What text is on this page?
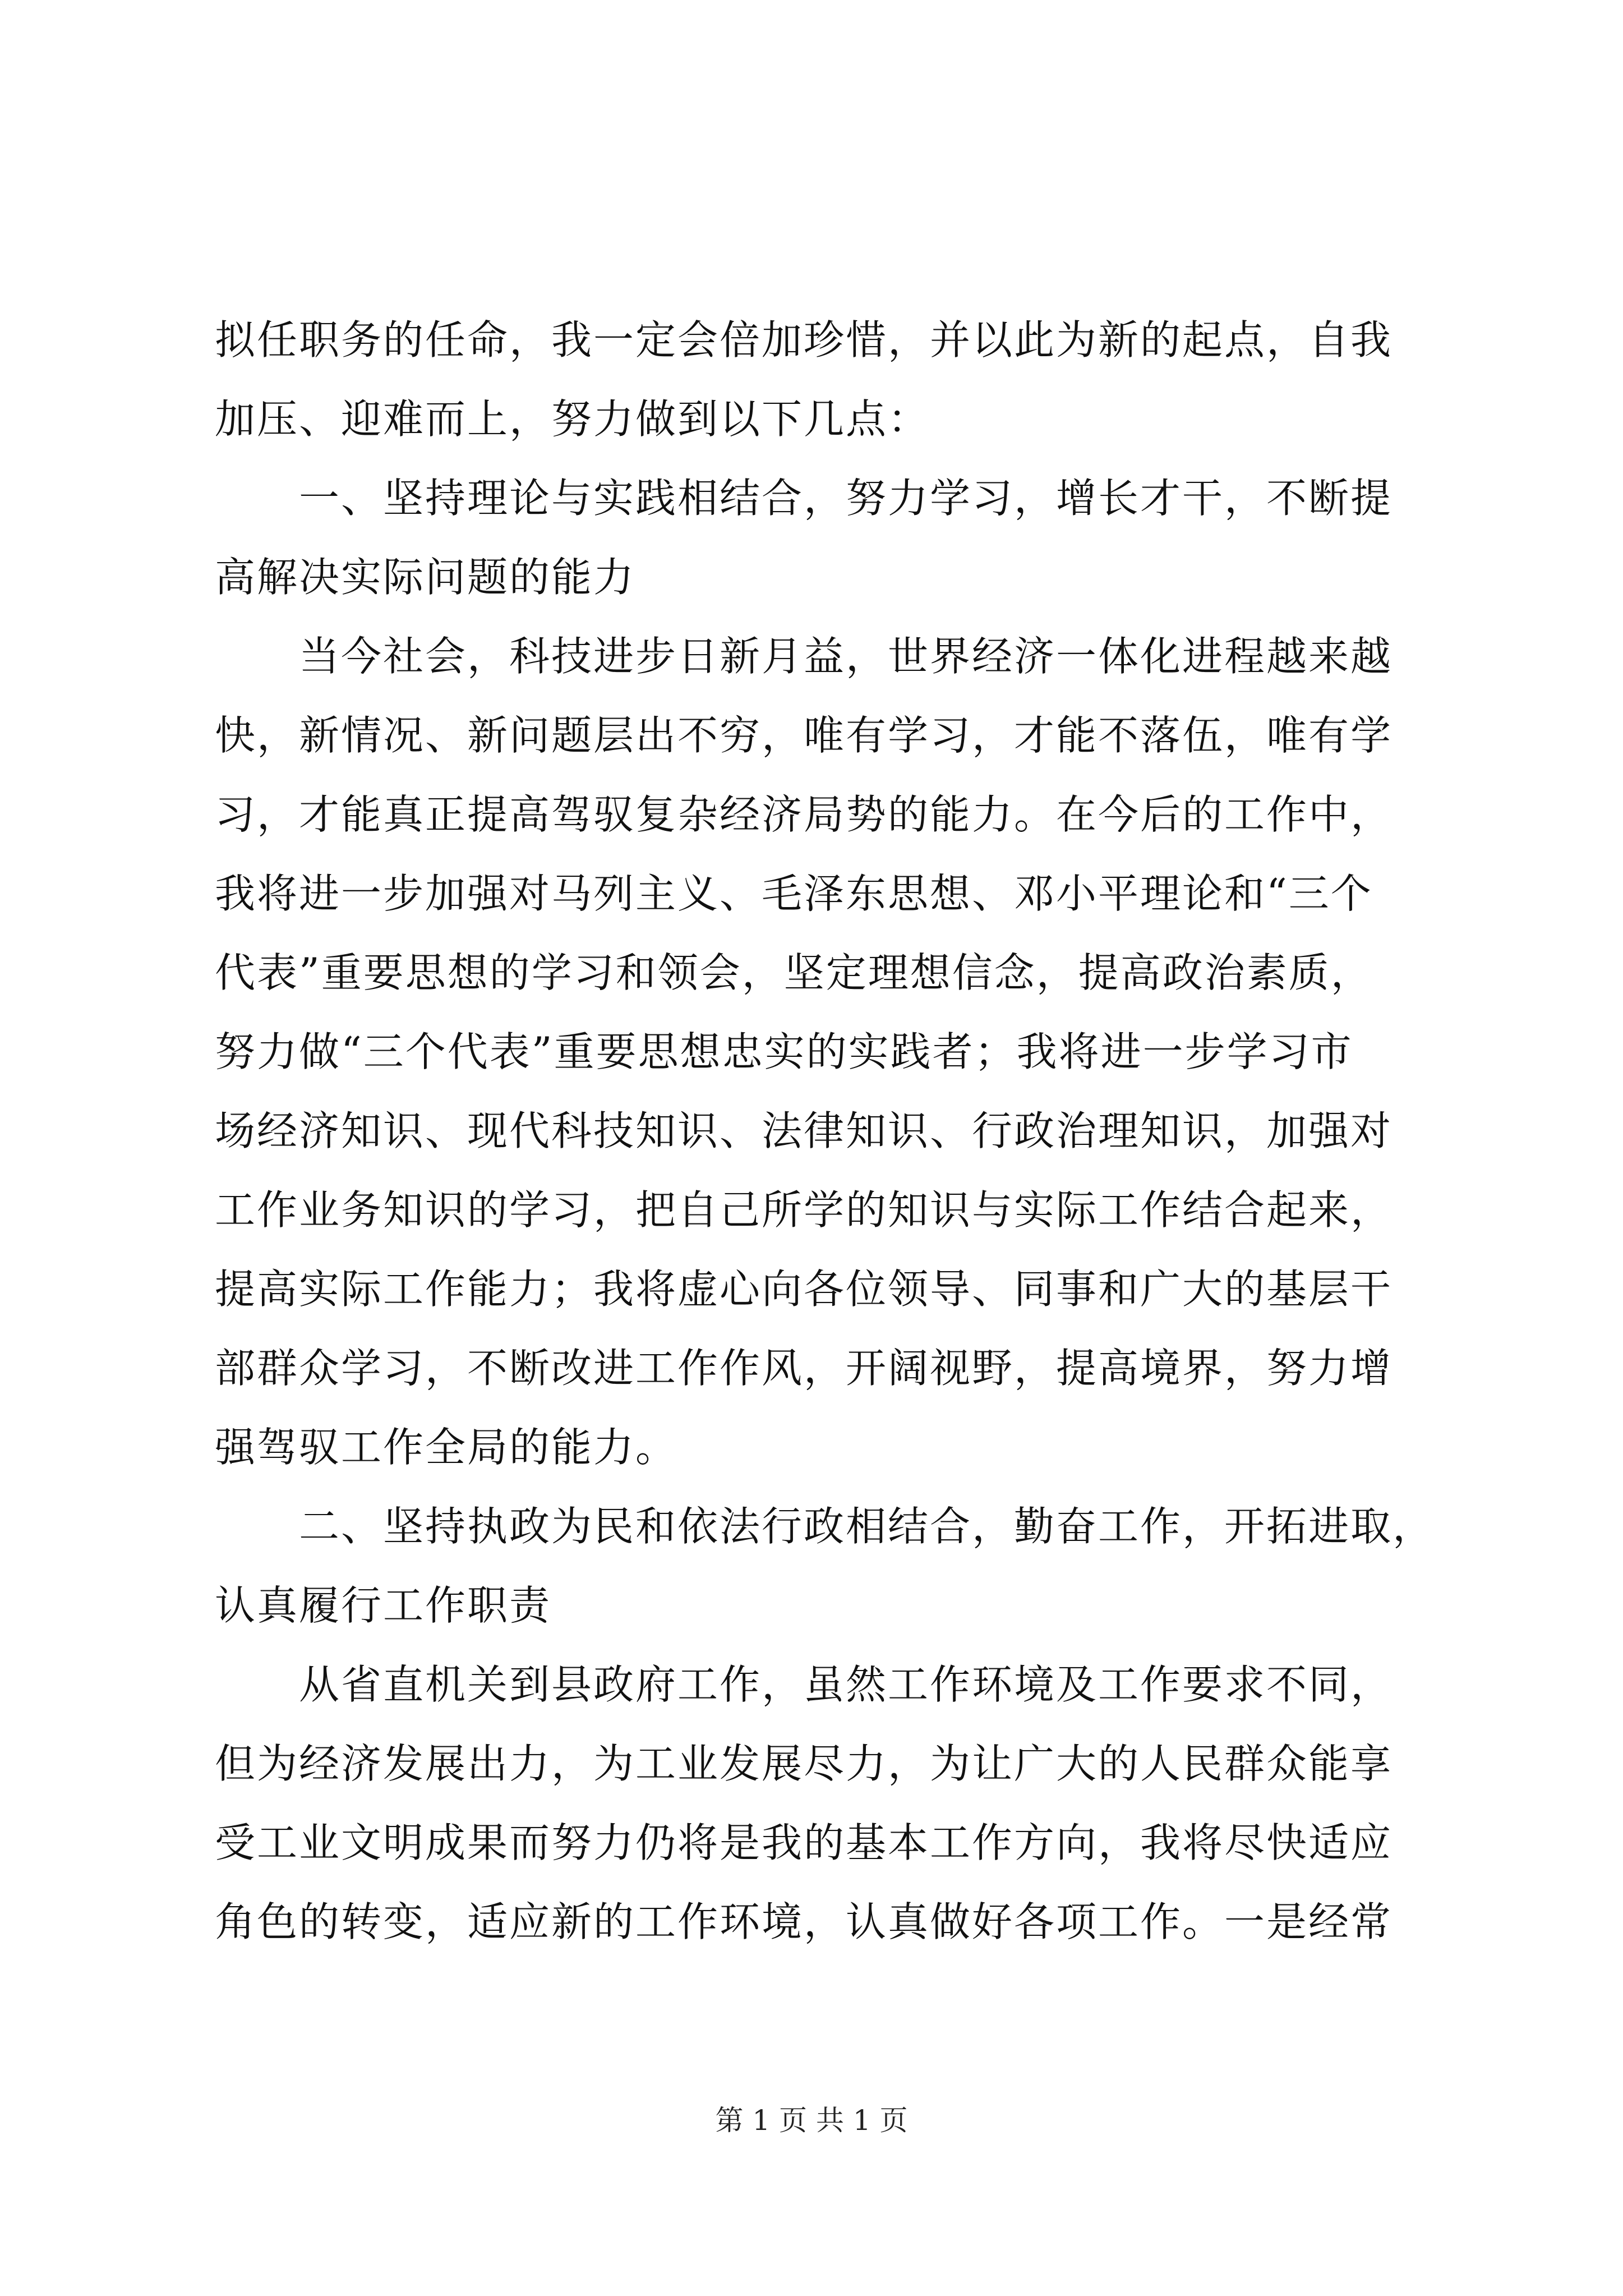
拟任职务的任命，我一定会倍加珍惜，并以此为新的起点，自我
加压、迎难而上，努力做到以下几点：
　　一、坚持理论与实践相结合，努力学习，增长才干，不断提
高解决实际问题的能力
　　当今社会，科技进步日新月益，世界经济一体化进程越来越
快，新情况、新问题层出不穷，唯有学习，才能不落伍，唯有学
习，才能真正提高驾驭复杂经济局势的能力。在今后的工作中，
我将进一步加强对马列主义、毛泽东思想、邓小平理论和“三个
代表”重要思想的学习和领会，坚定理想信念，提高政治素质，
努力做“三个代表”重要思想忠实的实践者；我将进一步学习市
场经济知识、现代科技知识、法律知识、行政治理知识，加强对
工作业务知识的学习，把自己所学的知识与实际工作结合起来，
提高实际工作能力；我将虚心向各位领导、同事和广大的基层干
部群众学习，不断改进工作作风，开阔视野，提高境界，努力增
强驾驭工作全局的能力。
　　二、坚持执政为民和依法行政相结合，勤奋工作，开拓进取，
认真履行工作职责
　　从省直机关到县政府工作，虽然工作环境及工作要求不同，
但为经济发展出力，为工业发展尽力，为让广大的人民群众能享
受工业文明成果而努力仍将是我的基本工作方向，我将尽快适应
角色的转变，适应新的工作环境，认真做好各项工作。一是经常
第 1 页 共 1 页
